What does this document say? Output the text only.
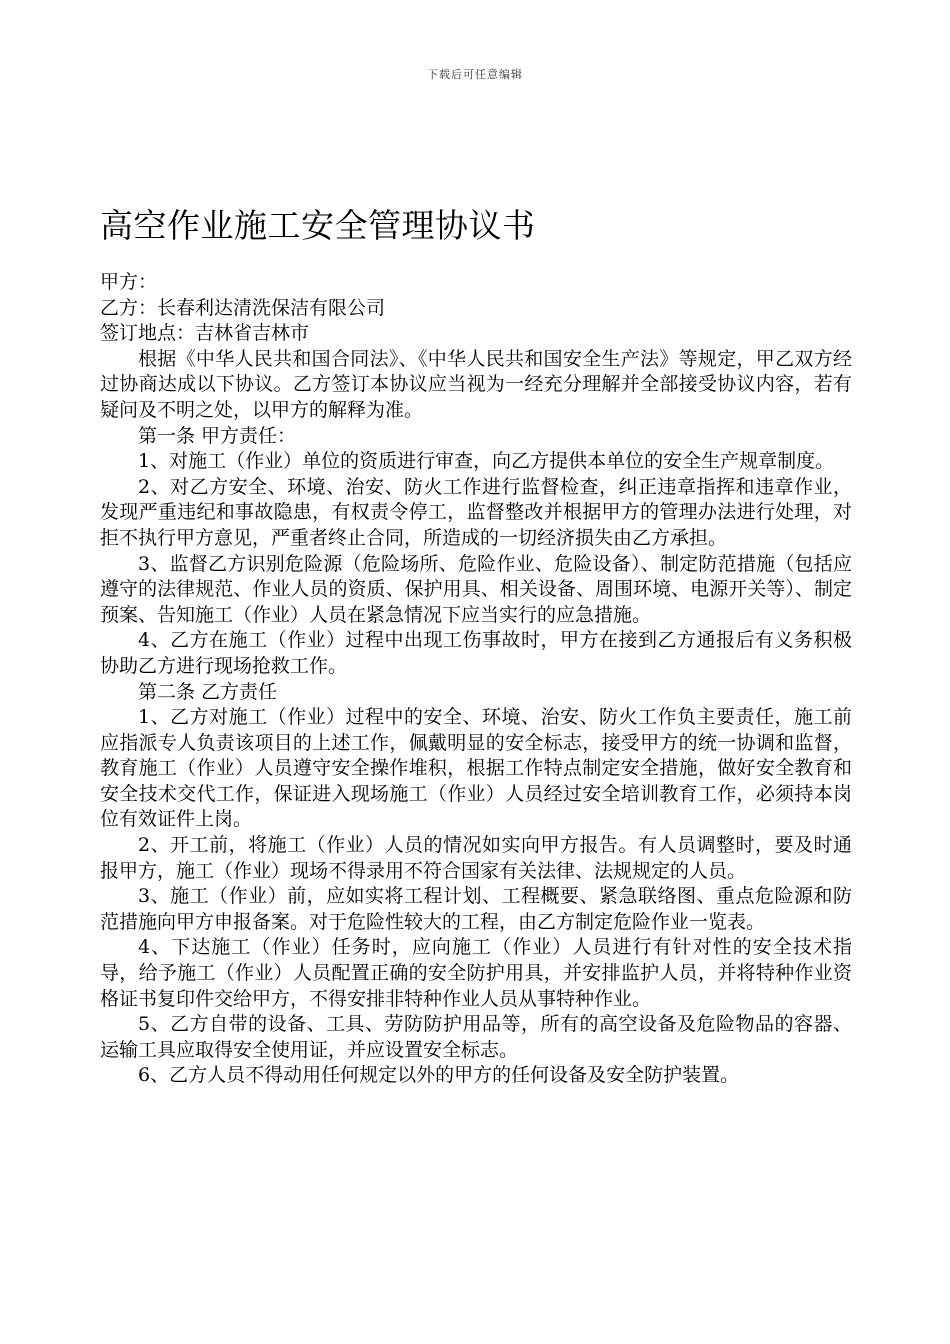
下载后可任意编辑
高空作业施工安全管理协议书

甲方：

乙方：长春利达清洗保洁有限公司

签订地点：吉林省吉林市

根据《中华人民共和国合同法》、《中华人民共和国安全生产法》等规定，甲乙双方经过协商达成以下协议。乙方签订本协议应当视为一经充分理解并全部接受协议内容，若有疑问及不明之处，以甲方的解释为准。

第一条 甲方责任：

1、对施工（作业）单位的资质进行审查，向乙方提供本单位的安全生产规章制度。

2、对乙方安全、环境、治安、防火工作进行监督检查，纠正违章指挥和违章作业，发现严重违纪和事故隐患，有权责令停工，监督整改并根据甲方的管理办法进行处理，对拒不执行甲方意见，严重者终止合同，所造成的一切经济损失由乙方承担。

3、监督乙方识别危险源（危险场所、危险作业、危险设备）、制定防范措施（包括应遵守的法律规范、作业人员的资质、保护用具、相关设备、周围环境、电源开关等）、制定预案、告知施工（作业）人员在紧急情况下应当实行的应急措施。

4、乙方在施工（作业）过程中出现工伤事故时，甲方在接到乙方通报后有义务积极协助乙方进行现场抢救工作。

第二条 乙方责任

1、乙方对施工（作业）过程中的安全、环境、治安、防火工作负主要责任，施工前应指派专人负责该项目的上述工作，佩戴明显的安全标志，接受甲方的统一协调和监督，教育施工（作业）人员遵守安全操作堆积，根据工作特点制定安全措施，做好安全教育和安全技术交代工作，保证进入现场施工（作业）人员经过安全培训教育工作，必须持本岗位有效证件上岗。

2、开工前，将施工（作业）人员的情况如实向甲方报告。有人员调整时，要及时通报甲方，施工（作业）现场不得录用不符合国家有关法律、法规规定的人员。

3、施工（作业）前，应如实将工程计划、工程概要、紧急联络图、重点危险源和防范措施向甲方申报备案。对于危险性较大的工程，由乙方制定危险作业一览表。

4、下达施工（作业）任务时，应向施工（作业）人员进行有针对性的安全技术指导，给予施工（作业）人员配置正确的安全防护用具，并安排监护人员，并将特种作业资格证书复印件交给甲方，不得安排非特种作业人员从事特种作业。

5、乙方自带的设备、工具、劳防防护用品等，所有的高空设备及危险物品的容器、运输工具应取得安全使用证，并应设置安全标志。

6、乙方人员不得动用任何规定以外的甲方的任何设备及安全防护装置。
